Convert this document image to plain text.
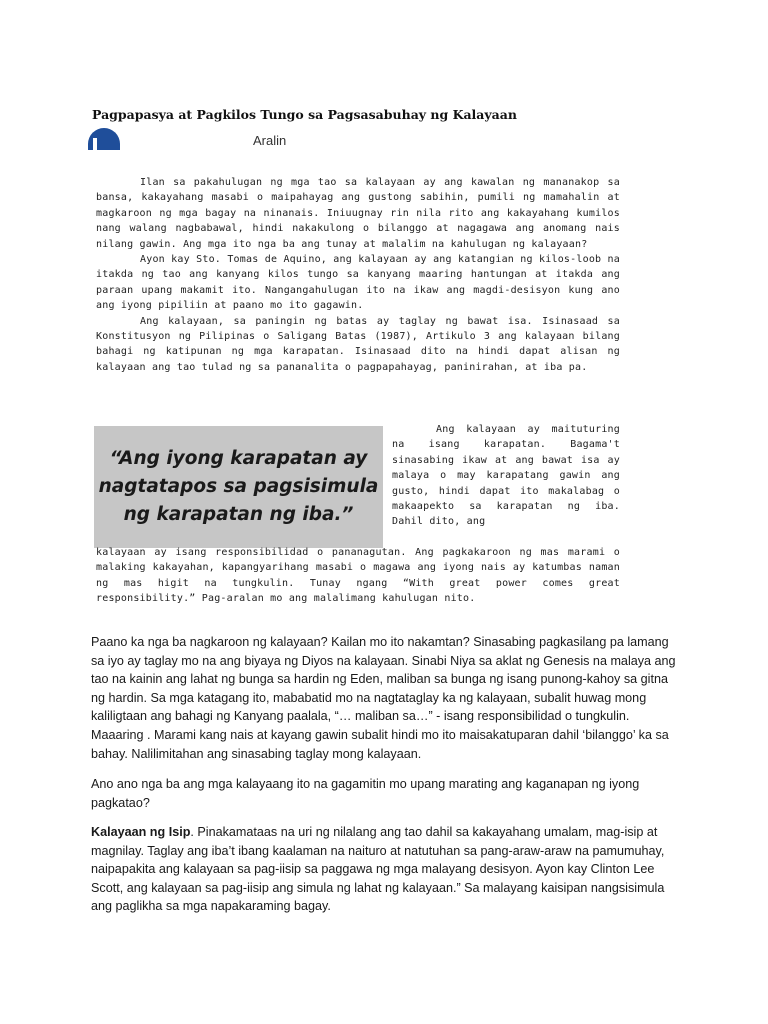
Pagpapasya at Pagkilos Tungo sa Pagsasabuhay ng Kalayaan
Aralin

Ilan sa pakahulugan ng mga tao sa kalayaan ay ang kawalan ng mananakop sa bansa, kakayahang masabi o maipahayag ang gustong sabihin, pumili ng mamahalin at magkaroon ng mga bagay na ninanais. Iniuugnay rin nila rito ang kakayahang kumilos nang walang nagbabawal, hindi nakakulong o bilanggo at nagagawa ang anomang nais nilang gawin. Ang mga ito nga ba ang tunay at malalim na kahulugan ng kalayaan?

Ayon kay Sto. Tomas de Aquino, ang kalayaan ay ang katangian ng kilos-loob na itakda ng tao ang kanyang kilos tungo sa kanyang maaring hantungan at itakda ang paraan upang makamit ito. Nangangahulugan ito na ikaw ang magdi-desisyon kung ano ang iyong pipiliin at paano mo ito gagawin.

Ang kalayaan, sa paningin ng batas ay taglay ng bawat isa. Isinasaad sa Konstitusyon ng Pilipinas o Saligang Batas (1987), Artikulo 3 ang kalayaan bilang bahagi ng katipunan ng mga karapatan. Isinasaad dito na hindi dapat alisan ng kalayaan ang tao tulad ng sa pananalita o pagpapahayag, paninirahan, at iba pa.

“Ang iyong karapatan ay nagtatapos sa pagsisimula ng karapatan ng iba.”

Ang kalayaan ay maituturing na isang karapatan. Bagama't sinasabing ikaw at ang bawat isa ay malaya o may karapatang gawin ang gusto, hindi dapat ito makalabag o makaapekto sa karapatan ng iba. Dahil dito, ang

kalayaan ay isang responsibilidad o pananagutan. Ang pagkakaroon ng mas marami o malaking kakayahan, kapangyarihang masabi o magawa ang iyong nais ay katumbas naman ng mas higit na tungkulin. Tunay ngang “With great power comes great responsibility.” Pag-aralan mo ang malalimang kahulugan nito.

Paano ka nga ba nagkaroon ng kalayaan? Kailan mo ito nakamtan? Sinasabing pagkasilang pa lamang sa iyo ay taglay mo na ang biyaya ng Diyos na kalayaan. Sinabi Niya sa aklat ng Genesis na malaya ang tao na kainin ang lahat ng bunga sa hardin ng Eden, maliban sa bunga ng isang punong-kahoy sa gitna ng hardin. Sa mga katagang ito, mababatid mo na nagtataglay ka ng kalayaan, subalit huwag mong kaliligtaan ang bahagi ng Kanyang paalala, “… maliban sa…” - isang responsibilidad o tungkulin. Maaaring . Marami kang nais at kayang gawin subalit hindi mo ito maisakatuparan dahil ‘bilanggo’ ka sa bahay. Nalilimitahan ang sinasabing taglay mong kalayaan.

Ano ano nga ba ang mga kalayaang ito na gagamitin mo upang marating ang kaganapan ng iyong pagkatao?

Kalayaan ng Isip. Pinakamataas na uri ng nilalang ang tao dahil sa kakayahang umalam, mag-isip at magnilay. Taglay ang iba’t ibang kaalaman na naituro at natutuhan sa pang-araw-araw na pamumuhay, naipapakita ang kalayaan sa pag-iisip sa paggawa ng mga malayang desisyon. Ayon kay Clinton Lee Scott, ang kalayaan sa pag-iisip ang simula ng lahat ng kalayaan.” Sa malayang kaisipan nangsisimula ang paglikha sa mga napakaraming bagay.
